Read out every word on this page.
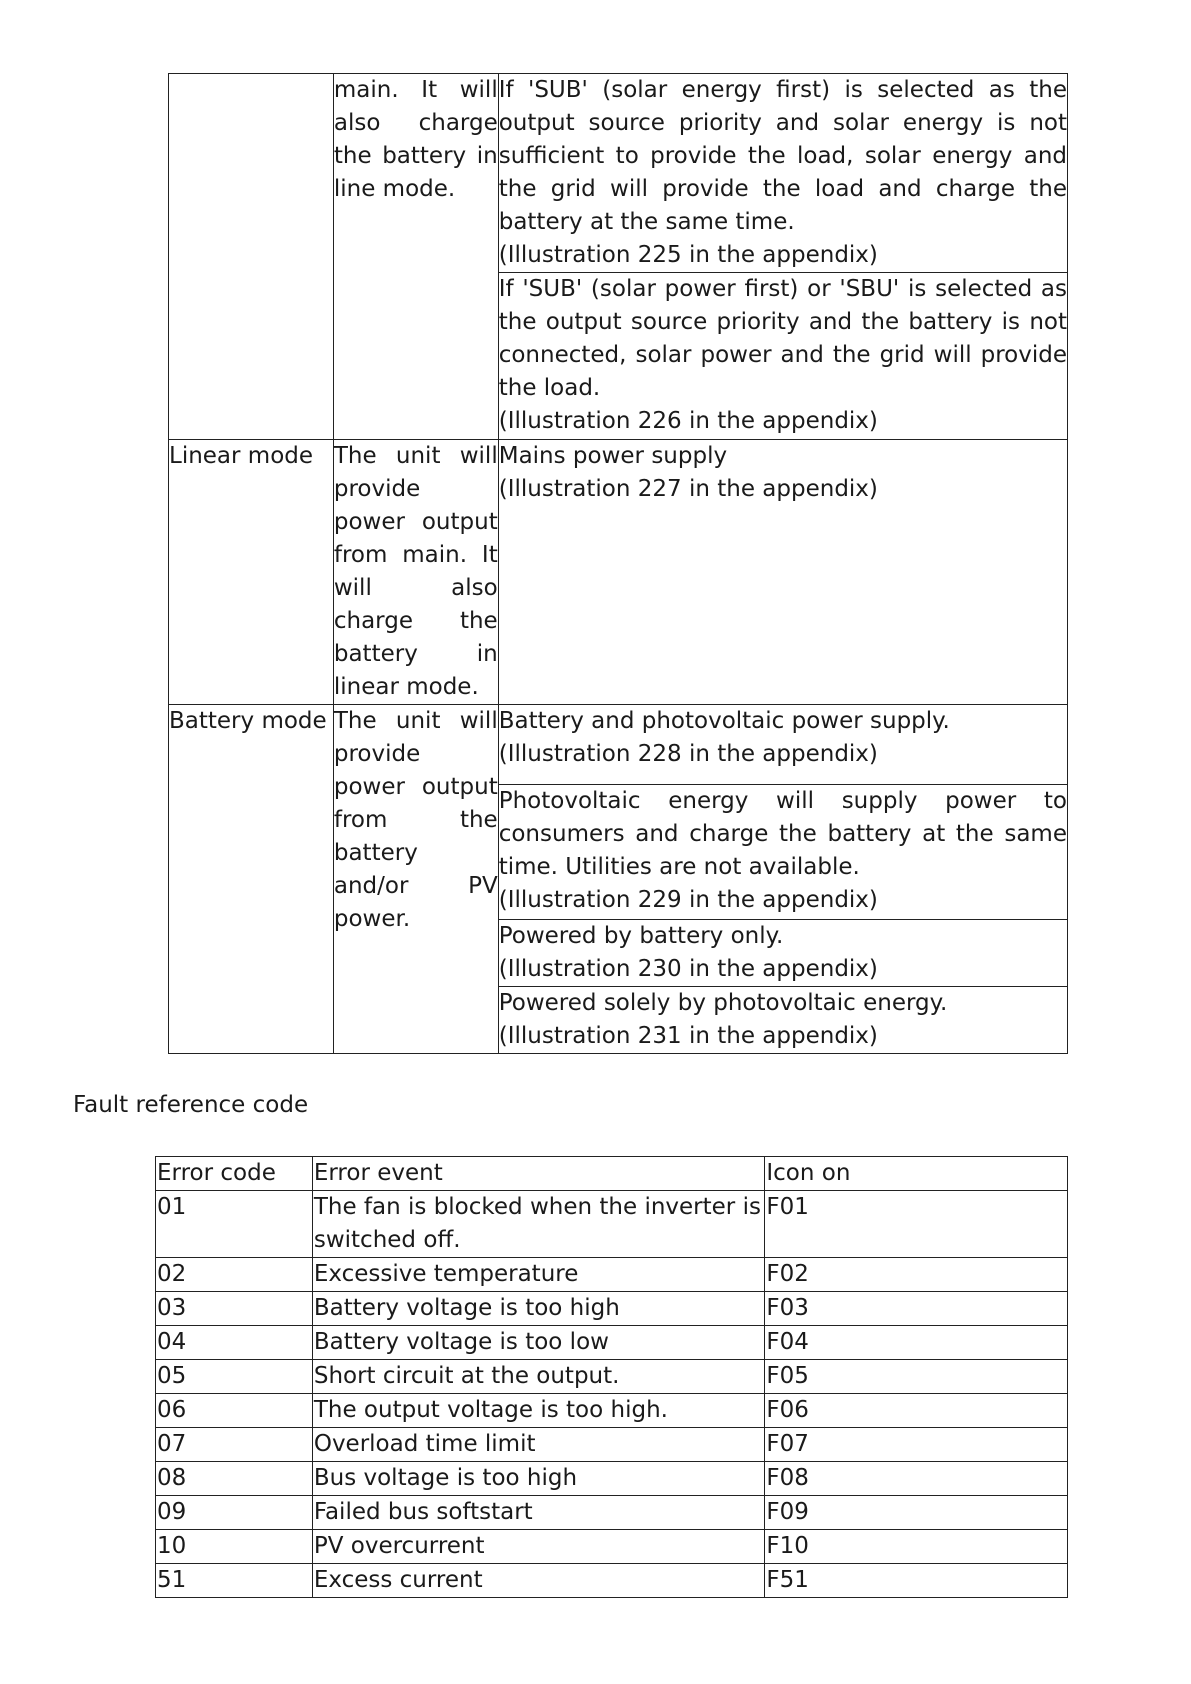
	main. It will also charge the battery in line mode.	If 'SUB' (solar energy first) is selected as the output source priority and solar energy is not sufficient to provide the load, solar energy and the grid will provide the load and charge the battery at the same time.
(Illustration 225 in the appendix)

		If 'SUB' (solar power first) or 'SBU' is selected as the output source priority and the battery is not connected, solar power and the grid will provide the load.
(Illustration 226 in the appendix)

Linear mode	The unit will provide power output from main. It will also charge the battery in linear mode.	Mains power supply
(Illustration 227 in the appendix)

Battery mode	The unit will provide power output from the battery and/or PV power.	Battery and photovoltaic power supply.
(Illustration 228 in the appendix)

		Photovoltaic energy will supply power to consumers and charge the battery at the same time. Utilities are not available.
(Illustration 229 in the appendix)

		Powered by battery only.
(Illustration 230 in the appendix)

		Powered solely by photovoltaic energy.
(Illustration 231 in the appendix)
Fault reference code
Error code	Error event	Icon on
01	The fan is blocked when the inverter is switched off.	F01
02	Excessive temperature	F02
03	Battery voltage is too high	F03
04	Battery voltage is too low	F04
05	Short circuit at the output.	F05
06	The output voltage is too high.	F06
07	Overload time limit	F07
08	Bus voltage is too high	F08
09	Failed bus softstart	F09
10	PV overcurrent	F10
51	Excess current	F51
